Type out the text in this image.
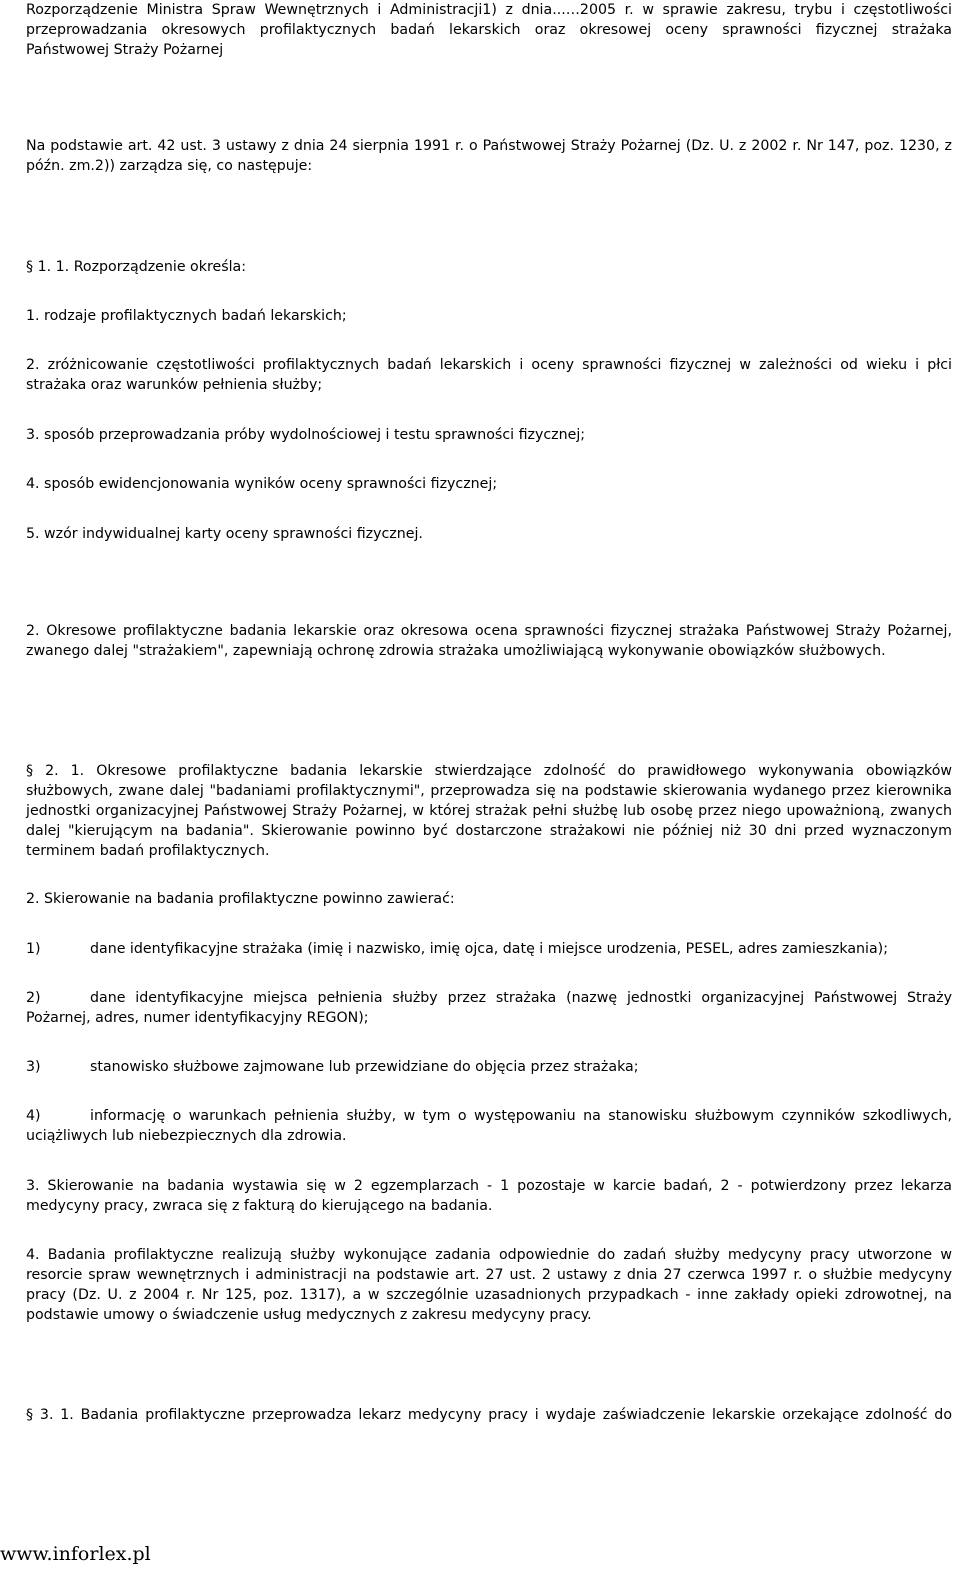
Rozporządzenie Ministra Spraw Wewnętrznych i Administracji1) z dnia...…2005 r. w sprawie zakresu, trybu i częstotliwości

przeprowadzania okresowych profilaktycznych badań lekarskich oraz okresowej oceny sprawności fizycznej strażaka

Państwowej Straży Pożarnej

Na podstawie art. 42 ust. 3 ustawy z dnia 24 sierpnia 1991 r. o Państwowej Straży Pożarnej (Dz. U. z 2002 r. Nr 147, poz. 1230, z późn. zm.2)) zarządza się, co następuje:

§ 1. 1. Rozporządzenie określa:

1. rodzaje profilaktycznych badań lekarskich;

2. zróżnicowanie częstotliwości profilaktycznych badań lekarskich i oceny sprawności fizycznej w zależności od wieku i płci strażaka oraz warunków pełnienia służby;

3. sposób przeprowadzania próby wydolnościowej i testu sprawności fizycznej;

4. sposób ewidencjonowania wyników oceny sprawności fizycznej;

5. wzór indywidualnej karty oceny sprawności fizycznej.

2. Okresowe profilaktyczne badania lekarskie oraz okresowa ocena sprawności fizycznej strażaka Państwowej Straży Pożarnej, zwanego dalej "strażakiem", zapewniają ochronę zdrowia strażaka umożliwiającą wykonywanie obowiązków służbowych.

§ 2. 1. Okresowe profilaktyczne badania lekarskie stwierdzające zdolność do prawidłowego wykonywania obowiązków służbowych, zwane dalej "badaniami profilaktycznymi", przeprowadza się na podstawie skierowania wydanego przez kierownika jednostki organizacyjnej Państwowej Straży Pożarnej, w której strażak pełni służbę lub osobę przez niego upoważnioną, zwanych dalej "kierującym na badania". Skierowanie powinno być dostarczone strażakowi nie później niż 30 dni przed wyznaczonym terminem badań profilaktycznych.

2. Skierowanie na badania profilaktyczne powinno zawierać:

1)	dane identyfikacyjne strażaka (imię i nazwisko, imię ojca, datę i miejsce urodzenia, PESEL, adres zamieszkania);
2)	dane identyfikacyjne miejsca pełnienia służby przez strażaka (nazwę jednostki organizacyjnej Państwowej Straży Pożarnej, adres, numer identyfikacyjny REGON);
3)	stanowisko służbowe zajmowane lub przewidziane do objęcia przez strażaka;
4)	informację o warunkach pełnienia służby, w tym o występowaniu na stanowisku służbowym czynników szkodliwych, uciążliwych lub niebezpiecznych dla zdrowia.

3. Skierowanie na badania wystawia się w 2 egzemplarzach - 1 pozostaje w karcie badań, 2 - potwierdzony przez lekarza medycyny pracy, zwraca się z fakturą do kierującego na badania.

4. Badania profilaktyczne realizują służby wykonujące zadania odpowiednie do zadań służby medycyny pracy utworzone w resorcie spraw wewnętrznych i administracji na podstawie art. 27 ust. 2 ustawy z dnia 27 czerwca 1997 r. o służbie medycyny pracy (Dz. U. z 2004 r. Nr 125, poz. 1317), a w szczególnie uzasadnionych przypadkach - inne zakłady opieki zdrowotnej, na podstawie umowy o świadczenie usług medycznych z zakresu medycyny pracy.

§ 3. 1. Badania profilaktyczne przeprowadza lekarz medycyny pracy i wydaje zaświadczenie lekarskie orzekające zdolność do

www.inforlex.pl
